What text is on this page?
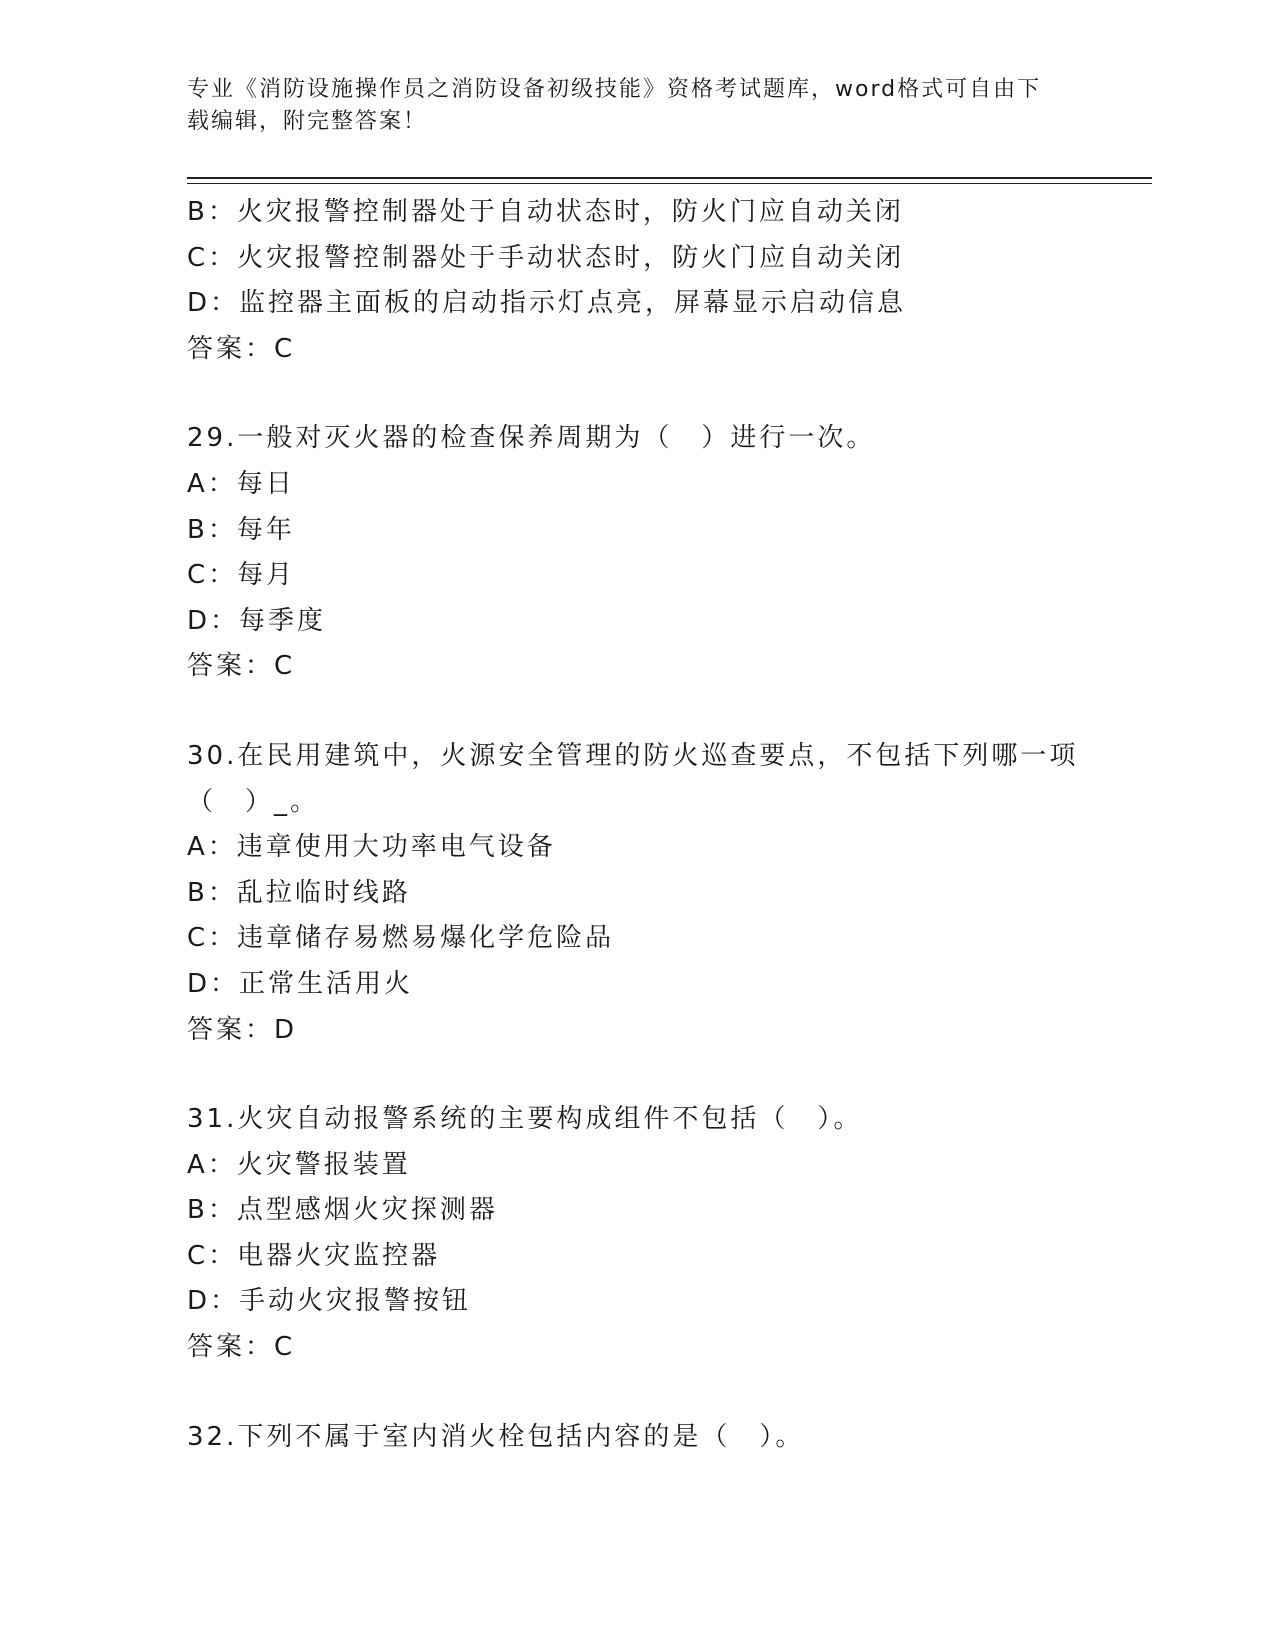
专业《消防设施操作员之消防设备初级技能》资格考试题库，word格式可自由下
载编辑，附完整答案！
B：火灾报警控制器处于自动状态时，防火门应自动关闭
C：火灾报警控制器处于手动状态时，防火门应自动关闭
D：监控器主面板的启动指示灯点亮，屏幕显示启动信息
答案：C
29.一般对灭火器的检查保养周期为（　）进行一次。
A：每日
B：每年
C：每月
D：每季度
答案：C
30.在民用建筑中，火源安全管理的防火巡查要点，不包括下列哪一项
（　）_。
A：违章使用大功率电气设备
B：乱拉临时线路
C：违章储存易燃易爆化学危险品
D：正常生活用火
答案：D
31.火灾自动报警系统的主要构成组件不包括（　）。
A：火灾警报装置
B：点型感烟火灾探测器
C：电器火灾监控器
D：手动火灾报警按钮
答案：C
32.下列不属于室内消火栓包括内容的是（　）。
